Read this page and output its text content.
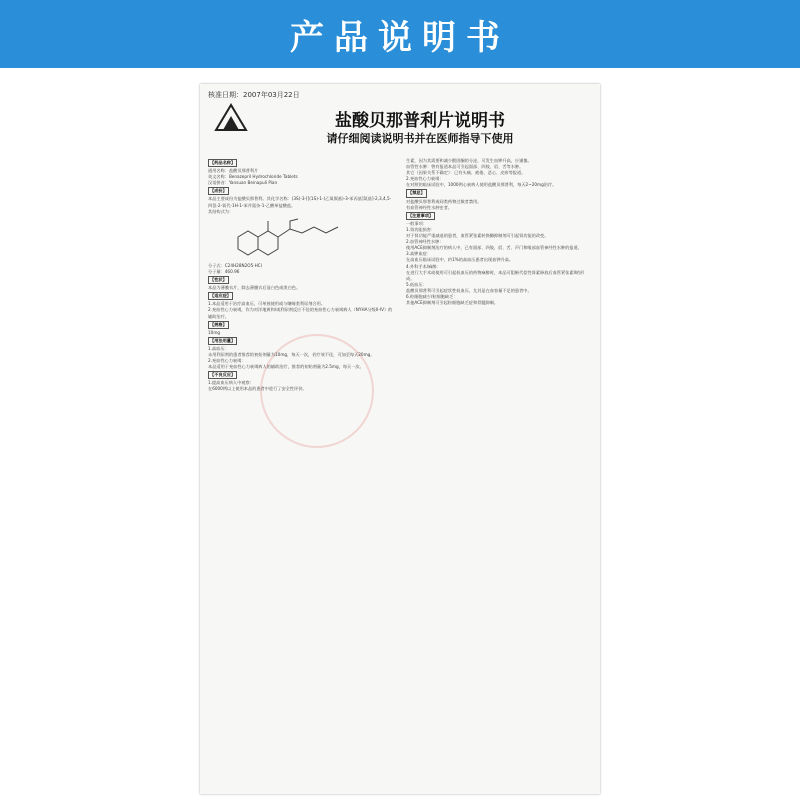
产品说明书
核准日期：2007年03月22日
盐酸贝那普利片说明书
请仔细阅读说明书并在医师指导下使用
【药品名称】
通用名称：盐酸贝那普利片
英文名称：Benazepril Hydrochloride Tablets
汉语拼音：Yansuan Beinapuli Pian
【成份】
本品主要成份为盐酸贝那普利。其化学名称：(3S)-3-[[(1S)-1-(乙氧羰基)-3-苯丙基]氨基]-2,3,4,5-四氢-2-氧代-1H-1-苯并氮杂-1-乙酸单盐酸盐。
其结构式为：
分子式：C24H28N2O5·HCl
分子量：460.96
【性状】
本品为薄膜衣片，除去薄膜衣后显白色或类白色。
【适应症】
1.本品适用于治疗高血压，可单独使用或与噻嗪类利尿剂合用。
2.充血性心力衰竭，作为对洋地黄和/或利尿剂反应不佳的充血性心力衰竭病人（NYHA分级II-IV）的辅助治疗。
【规格】
10mg
【用法用量】
1.高血压：
未用利尿剂的患者推荐的初始剂量为10mg，每天一次，若疗效不佳，可加至每天20mg。
2.充血性心力衰竭：
本品适用于充血性心力衰竭病人的辅助治疗，推荐的初始剂量为2.5mg，每天一次。
【不良反应】
1.提高血压病人中观察：
在6000例以上使用本品的患者中进行了安全性评价。
生素，因为其需要和减少醛固酮的分泌，可发生血钾升高，应谨慎。
血管性水肿：曾有报道本品可引起面部、四肢、唇、舌等水肿。
其它（因果关系不确定）：已有头痛、疲倦、恶心、皮疹等报道。
2.充血性心力衰竭：
在对照的临床试验中，1000例心衰病人使用盐酸贝那普利，每天2~20mg治疗。
【禁忌】
对盐酸贝那普利或同类药物过敏者禁用。
有血管神经性水肿史者。
【注意事项】
一般事项：
1.肾功能损害：
对于肾功能严重减退的患者，血管紧张素转换酶抑制剂可引起肾功能的改变。
2.血管神经性水肿：
使用ACE抑制剂治疗的病人中，已有面部、四肢、唇、舌、声门和喉部血管神经性水肿的报道。
3.高钾血症：
在高血压临床试验中，约1%的高血压患者出现血钾升高。
4.外科手术/麻醉：
在进行大手术或使用可引起低血压的药物麻醉时，本品可阻断代偿性肾素释放后血管紧张素II的形成。
5.低血压：
盐酸贝那普利可引起症状性低血压，尤其是在血容量不足的患者中。
6.粒细胞减少/粒细胞缺乏：
其他ACE抑制剂可引起粒细胞缺乏症和骨髓抑制。
